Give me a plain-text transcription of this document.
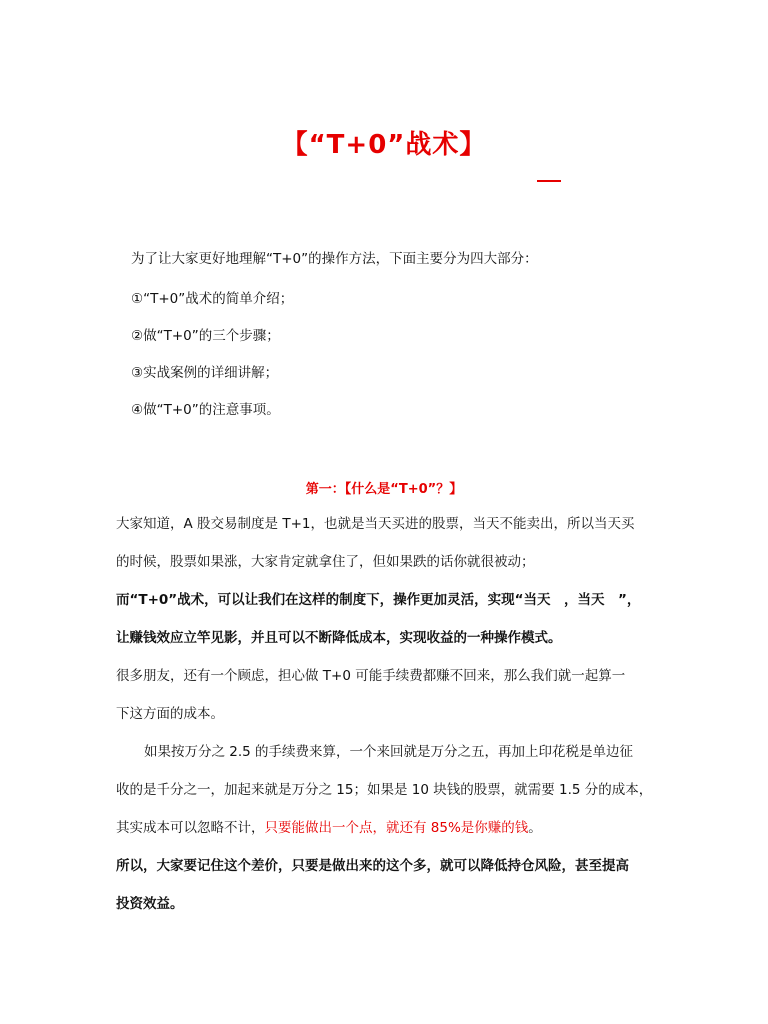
【“T+0”战术】
为了让大家更好地理解“T+0”的操作方法，下面主要分为四大部分：
①“T+0”战术的简单介绍；
②做“T+0”的三个步骤；
③实战案例的详细讲解；
④做“T+0”的注意事项。
第一：【什么是“T+0”？】
大家知道，A 股交易制度是 T+1，也就是当天买进的股票，当天不能卖出，所以当天买
的时候，股票如果涨，大家肯定就拿住了，但如果跌的话你就很被动；
而“T+0”战术，可以让我们在这样的制度下，操作更加灵活，实现“当天　，当天　”，
让赚钱效应立竿见影，并且可以不断降低成本，实现收益的一种操作模式。
很多朋友，还有一个顾虑，担心做 T+0 可能手续费都赚不回来，那么我们就一起算一
下这方面的成本。
如果按万分之 2.5 的手续费来算，一个来回就是万分之五，再加上印花税是单边征
收的是千分之一，加起来就是万分之 15；如果是 10 块钱的股票，就需要 1.5 分的成本，
其实成本可以忽略不计，只要能做出一个点，就还有 85%是你赚的钱。
所以，大家要记住这个差价，只要是做出来的这个多，就可以降低持仓风险，甚至提高
投资效益。
